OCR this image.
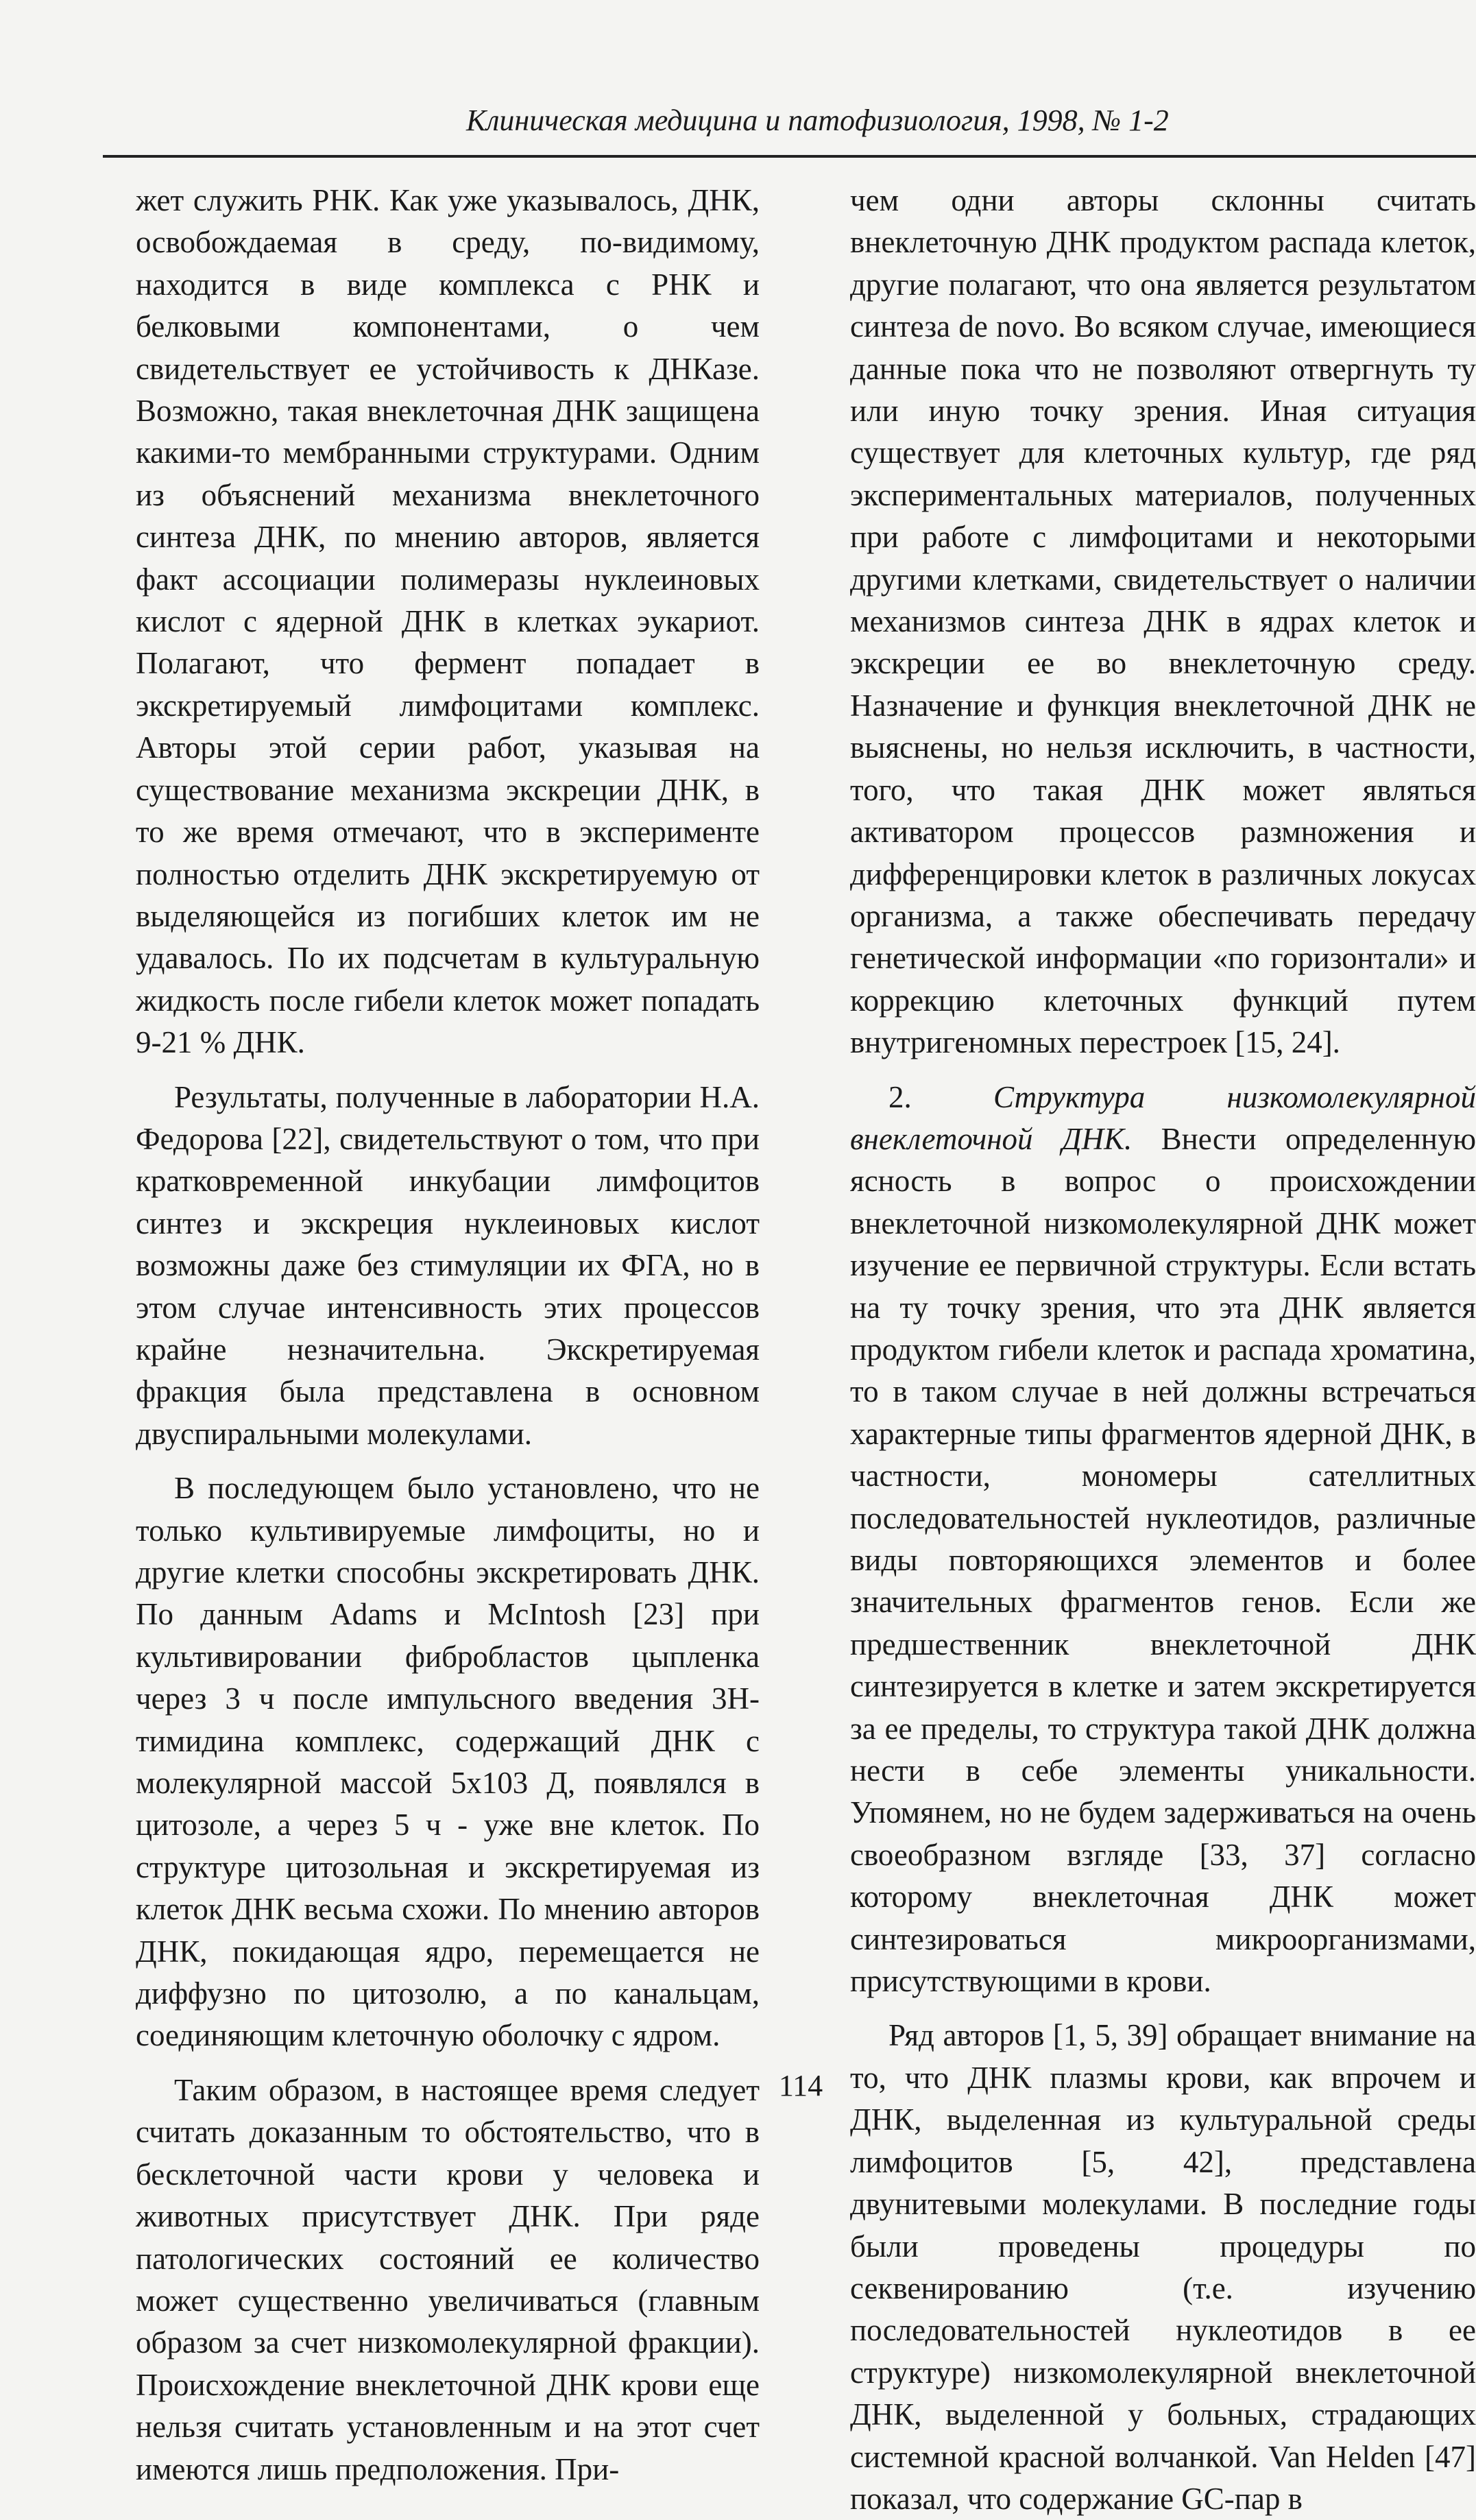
Клиническая медицина и патофизиология, 1998, № 1-2

жет служить РНК. Как уже указывалось, ДНК, освобождаемая в среду, по-видимому, находится в виде комплекса с РНК и белковыми компонентами, о чем свидетельствует ее устойчивость к ДНКазе. Возможно, такая внеклеточная ДНК защищена какими-то мембранными структурами. Одним из объяснений механизма внеклеточного синтеза ДНК, по мнению авторов, является факт ассоциации полимеразы нуклеиновых кислот с ядерной ДНК в клетках эукариот. Полагают, что фермент попадает в экскретируемый лимфоцитами комплекс. Авторы этой серии работ, указывая на существование механизма экскреции ДНК, в то же время отмечают, что в эксперименте полностью отделить ДНК экскретируемую от выделяющейся из погибших клеток им не удавалось. По их подсчетам в культуральную жидкость после гибели клеток может попадать 9-21 % ДНК.

Результаты, полученные в лаборатории Н.А. Федорова [22], свидетельствуют о том, что при кратковременной инкубации лимфоцитов синтез и экскреция нуклеиновых кислот возможны даже без стимуляции их ФГА, но в этом случае интенсивность этих процессов крайне незначительна. Экскретируемая фракция была представлена в основном двуспиральными молекулами.

В последующем было установлено, что не только культивируемые лимфоциты, но и другие клетки способны экскретировать ДНК. По данным Adams и McIntosh [23] при культивировании фибробластов цыпленка через 3 ч после импульсного введения 3Н-тимидина комплекс, содержащий ДНК с молекулярной массой 5х103 Д, появлялся в цитозоле, а через 5 ч - уже вне клеток. По структуре цитозольная и экскретируемая из клеток ДНК весьма схожи. По мнению авторов ДНК, покидающая ядро, перемещается не диффузно по цитозолю, а по канальцам, соединяющим клеточную оболочку с ядром.

Таким образом, в настоящее время следует считать доказанным то обстоятельство, что в бесклеточной части крови у человека и животных присутствует ДНК. При ряде патологических состояний ее количество может существенно увеличиваться (главным образом за счет низкомолекулярной фракции). Происхождение внеклеточной ДНК крови еще нельзя считать установленным и на этот счет имеются лишь предположения. При-

чем одни авторы склонны считать внеклеточную ДНК продуктом распада клеток, другие полагают, что она является результатом синтеза de novo. Во всяком случае, имеющиеся данные пока что не позволяют отвергнуть ту или иную точку зрения. Иная ситуация существует для клеточных культур, где ряд экспериментальных материалов, полученных при работе с лимфоцитами и некоторыми другими клетками, свидетельствует о наличии механизмов синтеза ДНК в ядрах клеток и экскреции ее во внеклеточную среду. Назначение и функция внеклеточной ДНК не выяснены, но нельзя исключить, в частности, того, что такая ДНК может являться активатором процессов размножения и дифференцировки клеток в различных локусах организма, а также обеспечивать передачу генетической информации «по горизонтали» и коррекцию клеточных функций путем внутригеномных перестроек [15, 24].

2.	Структура низкомолекулярной внеклеточной ДНК. Внести определенную ясность в вопрос о происхождении внеклеточной низкомолекулярной ДНК может изучение ее первичной структуры. Если встать на ту точку зрения, что эта ДНК является продуктом гибели клеток и распада хроматина, то в таком случае в ней должны встречаться характерные типы фрагментов ядерной ДНК, в частности, мономеры сателлитных последовательностей нуклеотидов, различные виды повторяющихся элементов и более значительных фрагментов генов. Если же предшественник внеклеточной ДНК синтезируется в клетке и затем экскретируется за ее пределы, то структура такой ДНК должна нести в себе элементы уникальности. Упомянем, но не будем задерживаться на очень своеобразном взгляде [33, 37] согласно которому внеклеточная ДНК может синтезироваться микроорганизмами, присутствующими в крови.

Ряд авторов [1, 5, 39] обращает внимание на то, что ДНК плазмы крови, как впрочем и ДНК, выделенная из культуральной среды лимфоцитов [5, 42], представлена двунитевыми молекулами. В последние годы были проведены процедуры по секвенированию (т.е. изучению последовательностей нуклеотидов в ее структуре) низкомолекулярной внеклеточной ДНК, выделенной у больных, страдающих системной красной волчанкой. Van Helden [47] показал, что содержание GC-пар в

114
